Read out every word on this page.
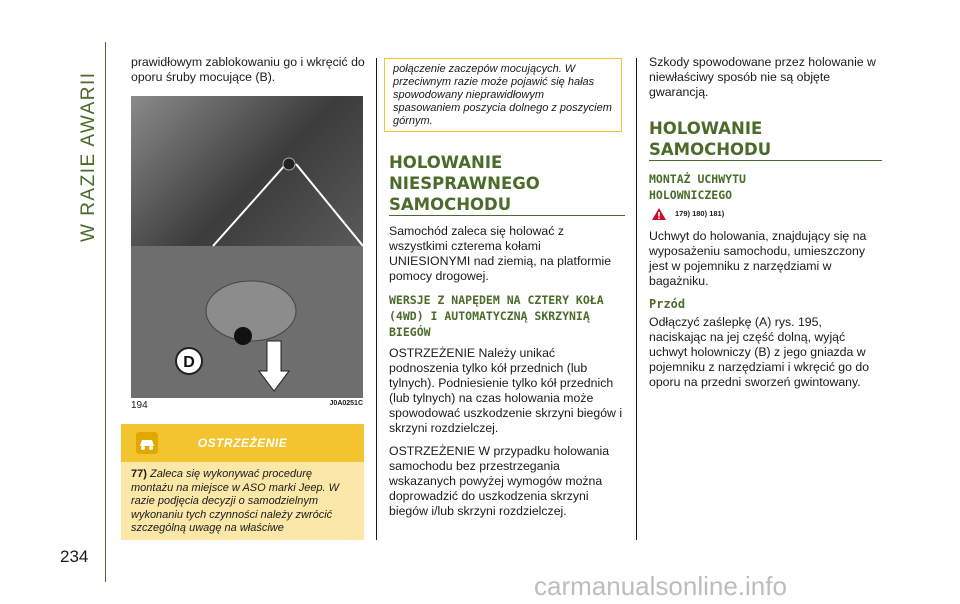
W RAZIE AWARII
234

prawidłowym zablokowaniu go i wkręcić do oporu śruby mocujące (B).

D
194	J0A0251C
OSTRZEŻENIE
77) Zaleca się wykonywać procedurę montażu na miejsce w ASO marki Jeep. W razie podjęcia decyzji o samodzielnym wykonaniu tych czynności należy zwrócić szczególną uwagę na właściwe
połączenie zaczepów mocujących. W przeciwnym razie może pojawić się hałas spowodowany nieprawidłowym spasowaniem poszycia dolnego z poszyciem górnym.
HOLOWANIE
NIESPRAWNEGO
SAMOCHODU

Samochód zaleca się holować z wszystkimi czterema kołami UNIESIONYMI nad ziemią, na platformie pomocy drogowej.

WERSJE Z NAPĘDEM NA CZTERY KOŁA
(4WD) I AUTOMATYCZNĄ SKRZYNIĄ
BIEGÓW

OSTRZEŻENIE Należy unikać podnoszenia tylko kół przednich (lub tylnych). Podniesienie tylko kół przednich (lub tylnych) na czas holowania może spowodować uszkodzenie skrzyni biegów i skrzyni rozdzielczej.

OSTRZEŻENIE W przypadku holowania samochodu bez przestrzegania wskazanych powyżej wymogów można doprowadzić do uszkodzenia skrzyni biegów i/lub skrzyni rozdzielczej.

Szkody spowodowane przez holowanie w niewłaściwy sposób nie są objęte gwarancją.

HOLOWANIE
SAMOCHODU
MONTAŻ UCHWYTU
HOLOWNICZEGO
179) 180) 181)

Uchwyt do holowania, znajdujący się na wyposażeniu samochodu, umieszczony jest w pojemniku z narzędziami w bagażniku.

Przód

Odłączyć zaślepkę (A) rys. 195, naciskając na jej część dolną, wyjąć uchwyt holowniczy (B) z jego gniazda w pojemniku z narzędziami i wkręcić go do oporu na przedni sworzeń gwintowany.

carmanualsonline.info
